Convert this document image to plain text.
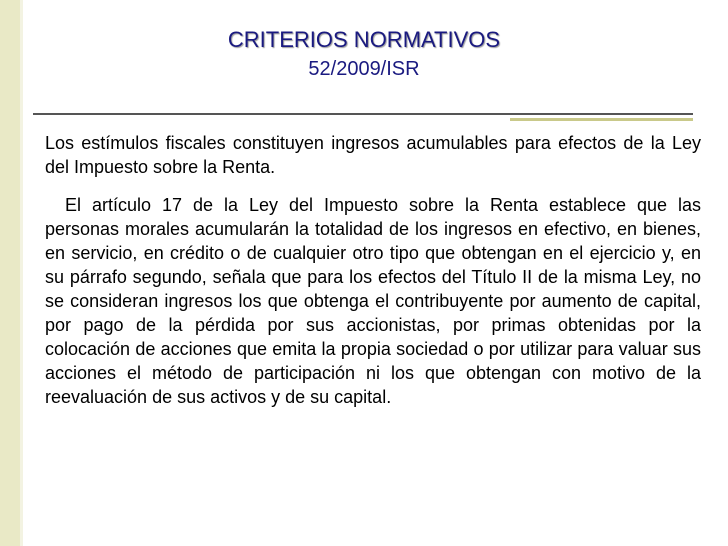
CRITERIOS NORMATIVOS
52/2009/ISR

Los estímulos fiscales constituyen ingresos acumulables para efectos de la Ley del Impuesto sobre la Renta.

El artículo 17 de la Ley del Impuesto sobre la Renta establece que las personas morales acumularán la totalidad de los ingresos en efectivo, en bienes, en servicio, en crédito o de cualquier otro tipo que obtengan en el ejercicio y, en su párrafo segundo, señala que para los efectos del Título II de la misma Ley, no se consideran ingresos los que obtenga el contribuyente por aumento de capital, por pago de la pérdida por sus accionistas, por primas obtenidas por la colocación de acciones que emita la propia sociedad o por utilizar para valuar sus acciones el método de participación ni los que obtengan con motivo de la reevaluación de sus activos y de su capital.
